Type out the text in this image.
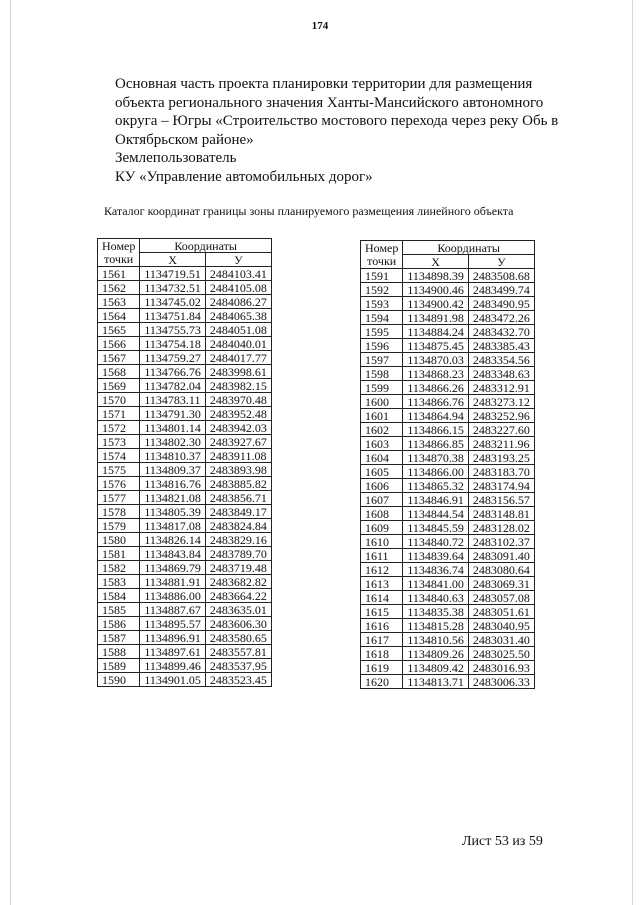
174
Основная часть проекта планировки территории для размещения
объекта регионального значения Ханты-Мансийского автономного
округа – Югры «Строительство мостового перехода через реку Обь в
Октябрьском районе»
Землепользователь
КУ «Управление автомобильных дорог»
Каталог координат границы зоны планируемого размещения линейного объекта
Номер	Координаты	
точки	X	У
1561	1134719.51	2484103.41
1562	1134732.51	2484105.08
1563	1134745.02	2484086.27
1564	1134751.84	2484065.38
1565	1134755.73	2484051.08
1566	1134754.18	2484040.01
1567	1134759.27	2484017.77
1568	1134766.76	2483998.61
1569	1134782.04	2483982.15
1570	1134783.11	2483970.48
1571	1134791.30	2483952.48
1572	1134801.14	2483942.03
1573	1134802.30	2483927.67
1574	1134810.37	2483911.08
1575	1134809.37	2483893.98
1576	1134816.76	2483885.82
1577	1134821.08	2483856.71
1578	1134805.39	2483849.17
1579	1134817.08	2483824.84
1580	1134826.14	2483829.16
1581	1134843.84	2483789.70
1582	1134869.79	2483719.48
1583	1134881.91	2483682.82
1584	1134886.00	2483664.22
1585	1134887.67	2483635.01
1586	1134895.57	2483606.30
1587	1134896.91	2483580.65
1588	1134897.61	2483557.81
1589	1134899.46	2483537.95
1590	1134901.05	2483523.45
Номер	Координаты	
точки	X	У
1591	1134898.39	2483508.68
1592	1134900.46	2483499.74
1593	1134900.42	2483490.95
1594	1134891.98	2483472.26
1595	1134884.24	2483432.70
1596	1134875.45	2483385.43
1597	1134870.03	2483354.56
1598	1134868.23	2483348.63
1599	1134866.26	2483312.91
1600	1134866.76	2483273.12
1601	1134864.94	2483252.96
1602	1134866.15	2483227.60
1603	1134866.85	2483211.96
1604	1134870.38	2483193.25
1605	1134866.00	2483183.70
1606	1134865.32	2483174.94
1607	1134846.91	2483156.57
1608	1134844.54	2483148.81
1609	1134845.59	2483128.02
1610	1134840.72	2483102.37
1611	1134839.64	2483091.40
1612	1134836.74	2483080.64
1613	1134841.00	2483069.31
1614	1134840.63	2483057.08
1615	1134835.38	2483051.61
1616	1134815.28	2483040.95
1617	1134810.56	2483031.40
1618	1134809.26	2483025.50
1619	1134809.42	2483016.93
1620	1134813.71	2483006.33
Лист 53 из 59
